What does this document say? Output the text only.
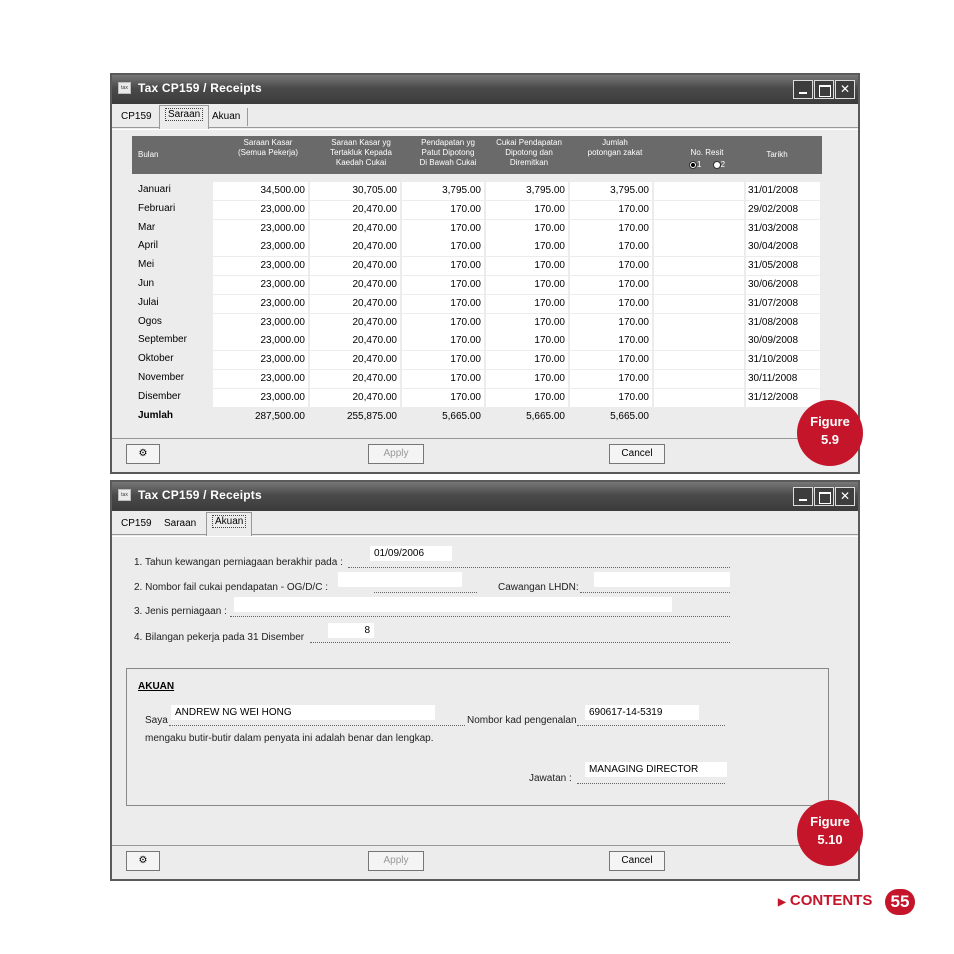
tax Tax CP159 / Receipts	✕
CP159	Saraan	Akuan
Bulan
Saraan Kasar
(Semua Pekerja)
Saraan Kasar yg
Tertakluk Kepada
Kaedah Cukai
Pendapatan yg
Patut Dipotong
Di Bawah Cukai
Cukai Pendapatan
Dipotong dan
Diremitkan
Jumlah
potongan zakat	No. Resit
1 2
Tarikh
Januari	34,500.00	30,705.00	3,795.00	3,795.00	3,795.00	31/01/2008
Februari	23,000.00	20,470.00	170.00	170.00	170.00	29/02/2008
Mar	23,000.00	20,470.00	170.00	170.00	170.00	31/03/2008
April	23,000.00	20,470.00	170.00	170.00	170.00	30/04/2008
Mei	23,000.00	20,470.00	170.00	170.00	170.00	31/05/2008
Jun	23,000.00	20,470.00	170.00	170.00	170.00	30/06/2008
Julai	23,000.00	20,470.00	170.00	170.00	170.00	31/07/2008
Ogos	23,000.00	20,470.00	170.00	170.00	170.00	31/08/2008
September	23,000.00	20,470.00	170.00	170.00	170.00	30/09/2008
Oktober	23,000.00	20,470.00	170.00	170.00	170.00	31/10/2008
November	23,000.00	20,470.00	170.00	170.00	170.00	30/11/2008
Disember	23,000.00	20,470.00	170.00	170.00	170.00	31/12/2008
Jumlah	287,500.00	255,875.00	5,665.00	5,665.00	5,665.00
⚙	Apply	Cancel
tax Tax CP159 / Receipts	✕
CP159	Saraan	Akuan
1. Tahun kewangan perniagaan berakhir pada :
01/09/2006
2. Nombor fail cukai pendapatan - OG/D/C :	Cawangan LHDN:
3. Jenis perniagaan :
4. Bilangan pekerja pada 31 Disember
8
AKUAN
Saya
ANDREW NG WEI HONG
Nombor kad pengenalan
690617-14-5319
mengaku butir-butir dalam penyata ini adalah benar dan lengkap.
Jawatan :
MANAGING DIRECTOR
⚙	Apply	Cancel
Figure
5.9
Figure
5.10
▶ CONTENTS	55
